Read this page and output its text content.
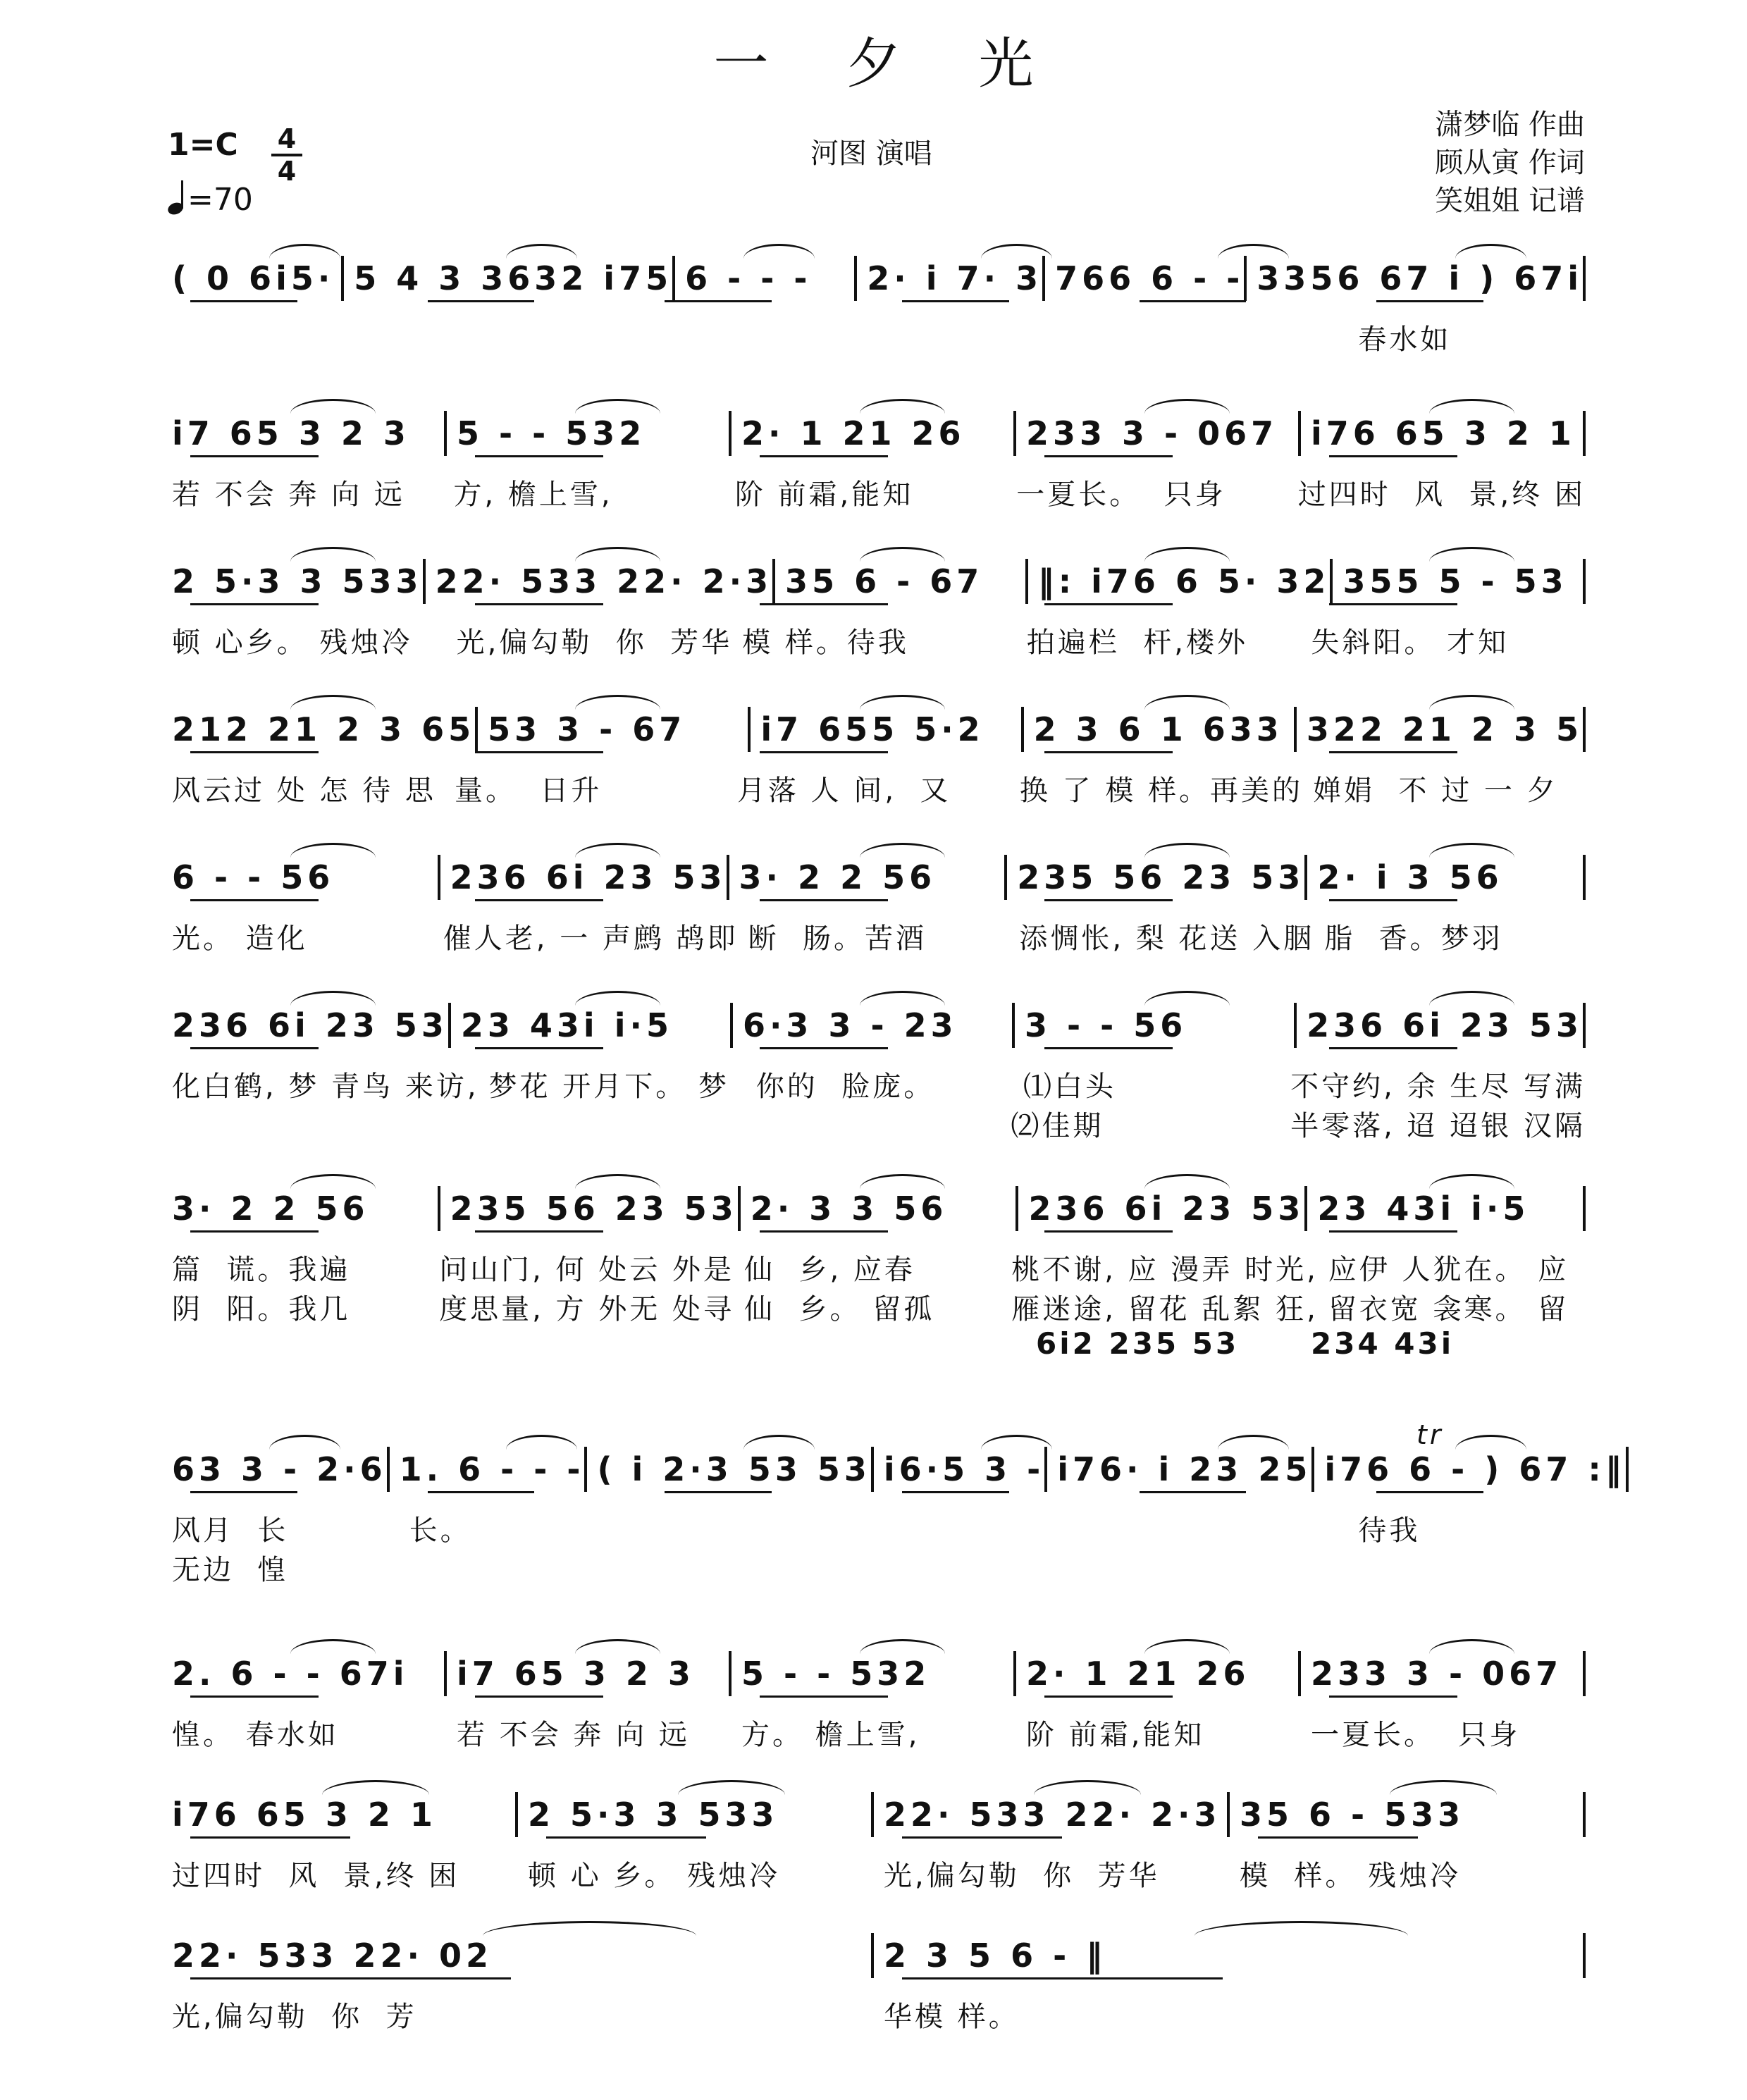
一夕光
1=C 4
4
=70
河图 演唱
潇梦临 作曲
顾从寅 作词
笑姐姐 记谱
( 0 6i5· 5 4 3 3632 i75 6 - - -	2· i 7· 3 766 6 - - 3356 67 i ) 67i
春水如
i7 65 3 2 3	5 - - 532	2· 1 21 26	233 3 - 067	i76 65 3 2 1
若 不会 奔 向 远	方, 檐上雪,	阶 前霜,能知	一夏长。  只身	过四时  风  景,终 困
2 5·3 3 533 22· 533 22· 2·3 35 6 - 67	‖: i76 6 5· 32 355 5 - 53
顿 心乡。 残烛冷	光,偏勾勒  你  芳华 模 样。待我	拍遍栏  杆,楼外	失斜阳。 才知
212 21 2 3 65 53 3 - 67	i7 655 5·2	2 3 6 1 633 322 21 2 3 5
风云过 处 怎 待 思 量。  日升	月落 人 间,  又	换 了 模 样。再美的 婵娟  不 过 一 夕
6 - - 56	236 6i 23 53 3· 2 2 56	235 56 23 53 2· i 3 56
光。 造化	催人老, 一 声鹧 鸪即 断  肠。苦酒	添惆怅, 梨 花送 入胭 脂  香。梦羽
236 6i 23 53 23 43i i·5	6·3 3 - 23	3 - - 56	236 6i 23 53
化白鹤, 梦 青鸟 来访, 梦花 开月下。 梦 你的  脸庞。	⑴白头	不守约, 余 生尽 写满
⑵佳期	半零落, 迢 迢银 汉隔
3· 2 2 56	235 56 23 53 2· 3 3 56	236 6i 23 53 23 43i i·5
篇  谎。我遍	问山门, 何 处云 外是 仙  乡, 应春	桃不谢, 应 漫弄 时光, 应伊 人犹在。 应
阴  阳。我几	度思量, 方 外无 处寻 仙  乡。 留孤	雁迷途, 留花 乱絮 狂, 留衣宽 衾寒。 留
6i2 235 53	234 43i
63 3 - 2·6 1. 6 - - - ( i 2·3 53 53 i6·5 3 - i76· i 23 25 i76 6 - ) 67 :‖
风月  长	长。	待我
无边  惶
tr
2. 6 - - 67i	i7 65 3 2 3	5 - - 532	2· 1 21 26	233 3 - 067
惶。 春水如	若 不会 奔 向 远	方。 檐上雪,	阶 前霜,能知	一夏长。  只身
i76 65 3 2 1	2 5·3 3 533	22· 533 22· 2·3 35 6 - 533
过四时  风  景,终 困	顿 心 乡。 残烛冷	光,偏勾勒  你  芳华	模  样。 残烛冷
22· 533 22· 02	2 3 5 6 - ‖
光,偏勾勒  你  芳	华模 样。
